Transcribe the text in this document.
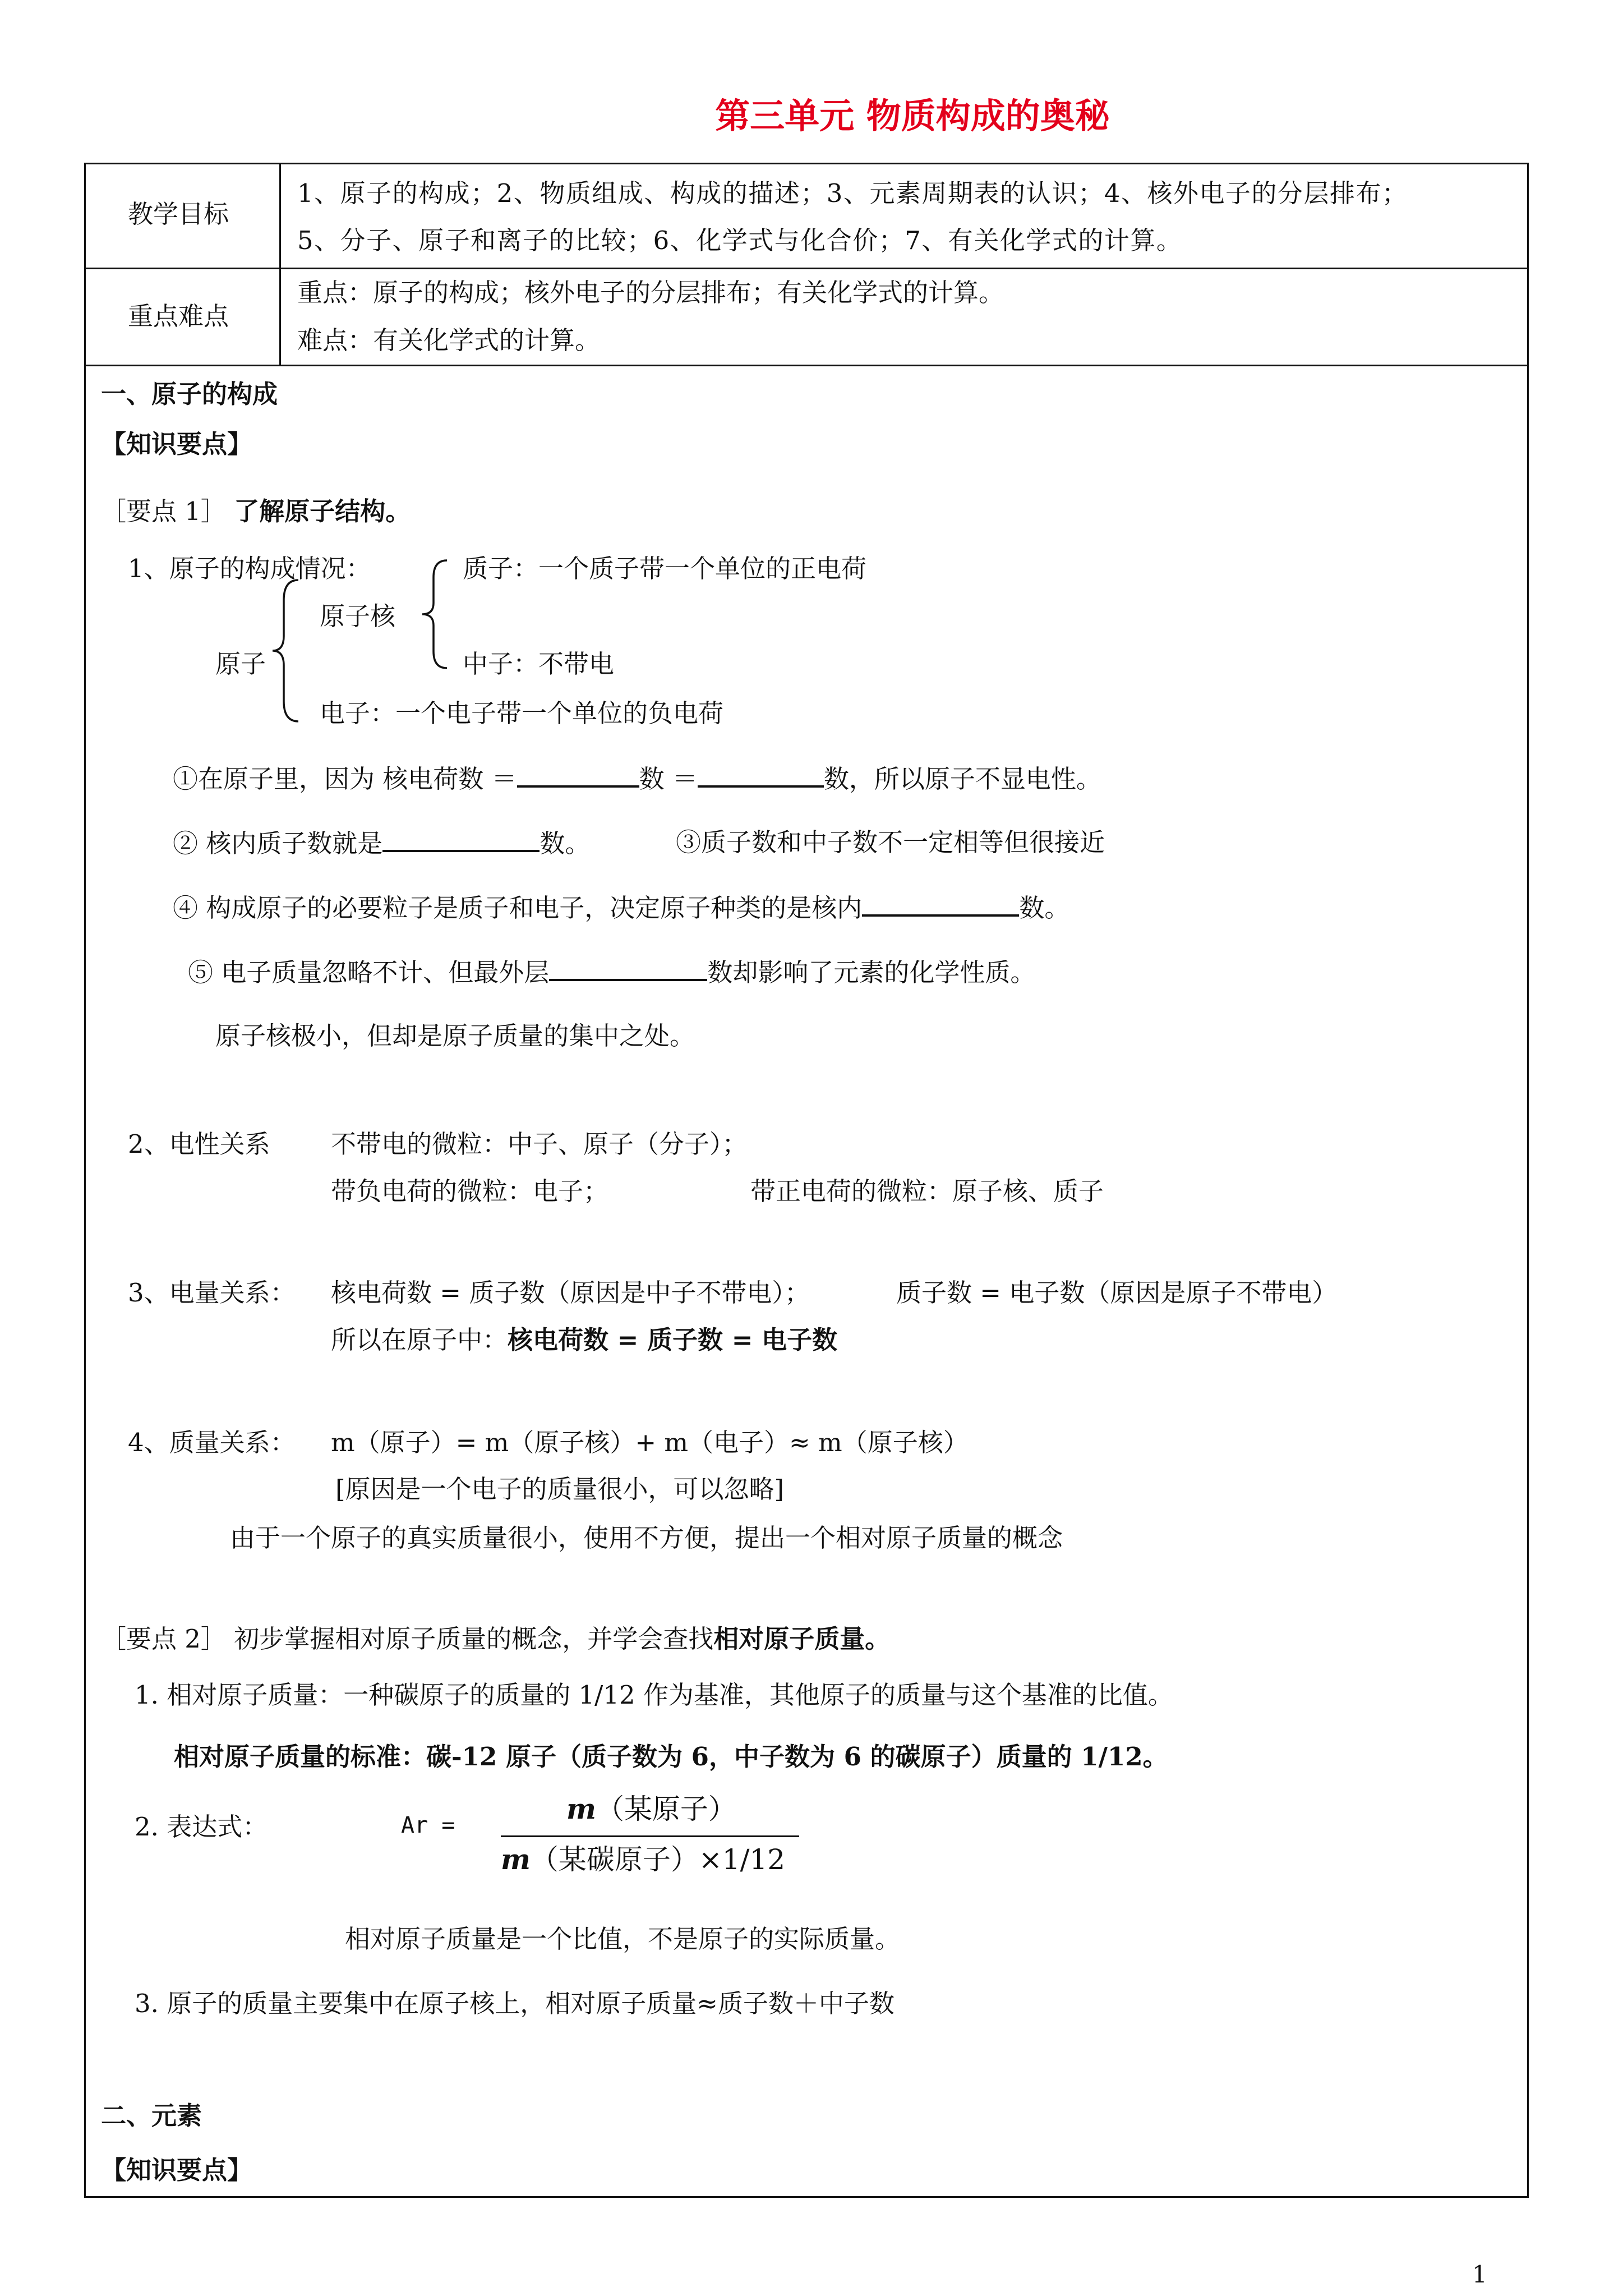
第三单元 物质构成的奥秘
教学目标
1、原子的构成；2、物质组成、构成的描述；3、元素周期表的认识；4、核外电子的分层排布；
5、分子、原子和离子的比较；6、化学式与化合价；7、有关化学式的计算。
重点难点
重点：原子的构成；核外电子的分层排布；有关化学式的计算。
难点：有关化学式的计算。
一、原子的构成
【知识要点】
［要点 1］ 了解原子结构。
1、原子的构成情况：	质子：一个质子带一个单位的正电荷
原子核
中子：不带电
原子
电子：一个电子带一个单位的负电荷
①在原子里，因为 核电荷数 ＝	数 ＝	数，所以原子不显电性。
② 核内质子数就是	数。	③质子数和中子数不一定相等但很接近
④ 构成原子的必要粒子是质子和电子，决定原子种类的是核内	数。
⑤ 电子质量忽略不计、但最外层	数却影响了元素的化学性质。
原子核极小，但却是原子质量的集中之处。
2、电性关系 不带电的微粒：中子、原子（分子）；
带负电荷的微粒：电子；	带正电荷的微粒：原子核、质子
3、电量关系： 核电荷数 = 质子数（原因是中子不带电）；	质子数 = 电子数（原因是原子不带电）
所以在原子中：核电荷数 = 质子数 = 电子数
4、质量关系： m（原子）= m（原子核）+ m（电子）≈ m（原子核）
[原因是一个电子的质量很小，可以忽略]
由于一个原子的真实质量很小，使用不方便，提出一个相对原子质量的概念
［要点 2］ 初步掌握相对原子质量的概念，并学会查找相对原子质量。
1. 相对原子质量：一种碳原子的质量的 1/12 作为基准，其他原子的质量与这个基准的比值。
相对原子质量的标准：碳-12 原子（质子数为 6，中子数为 6 的碳原子）质量的 1/12。
2. 表达式：	Ar =	m（某原子）
m（某碳原子）×1/12
相对原子质量是一个比值，不是原子的实际质量。
3. 原子的质量主要集中在原子核上，相对原子质量≈质子数＋中子数
二、元素
【知识要点】
1
